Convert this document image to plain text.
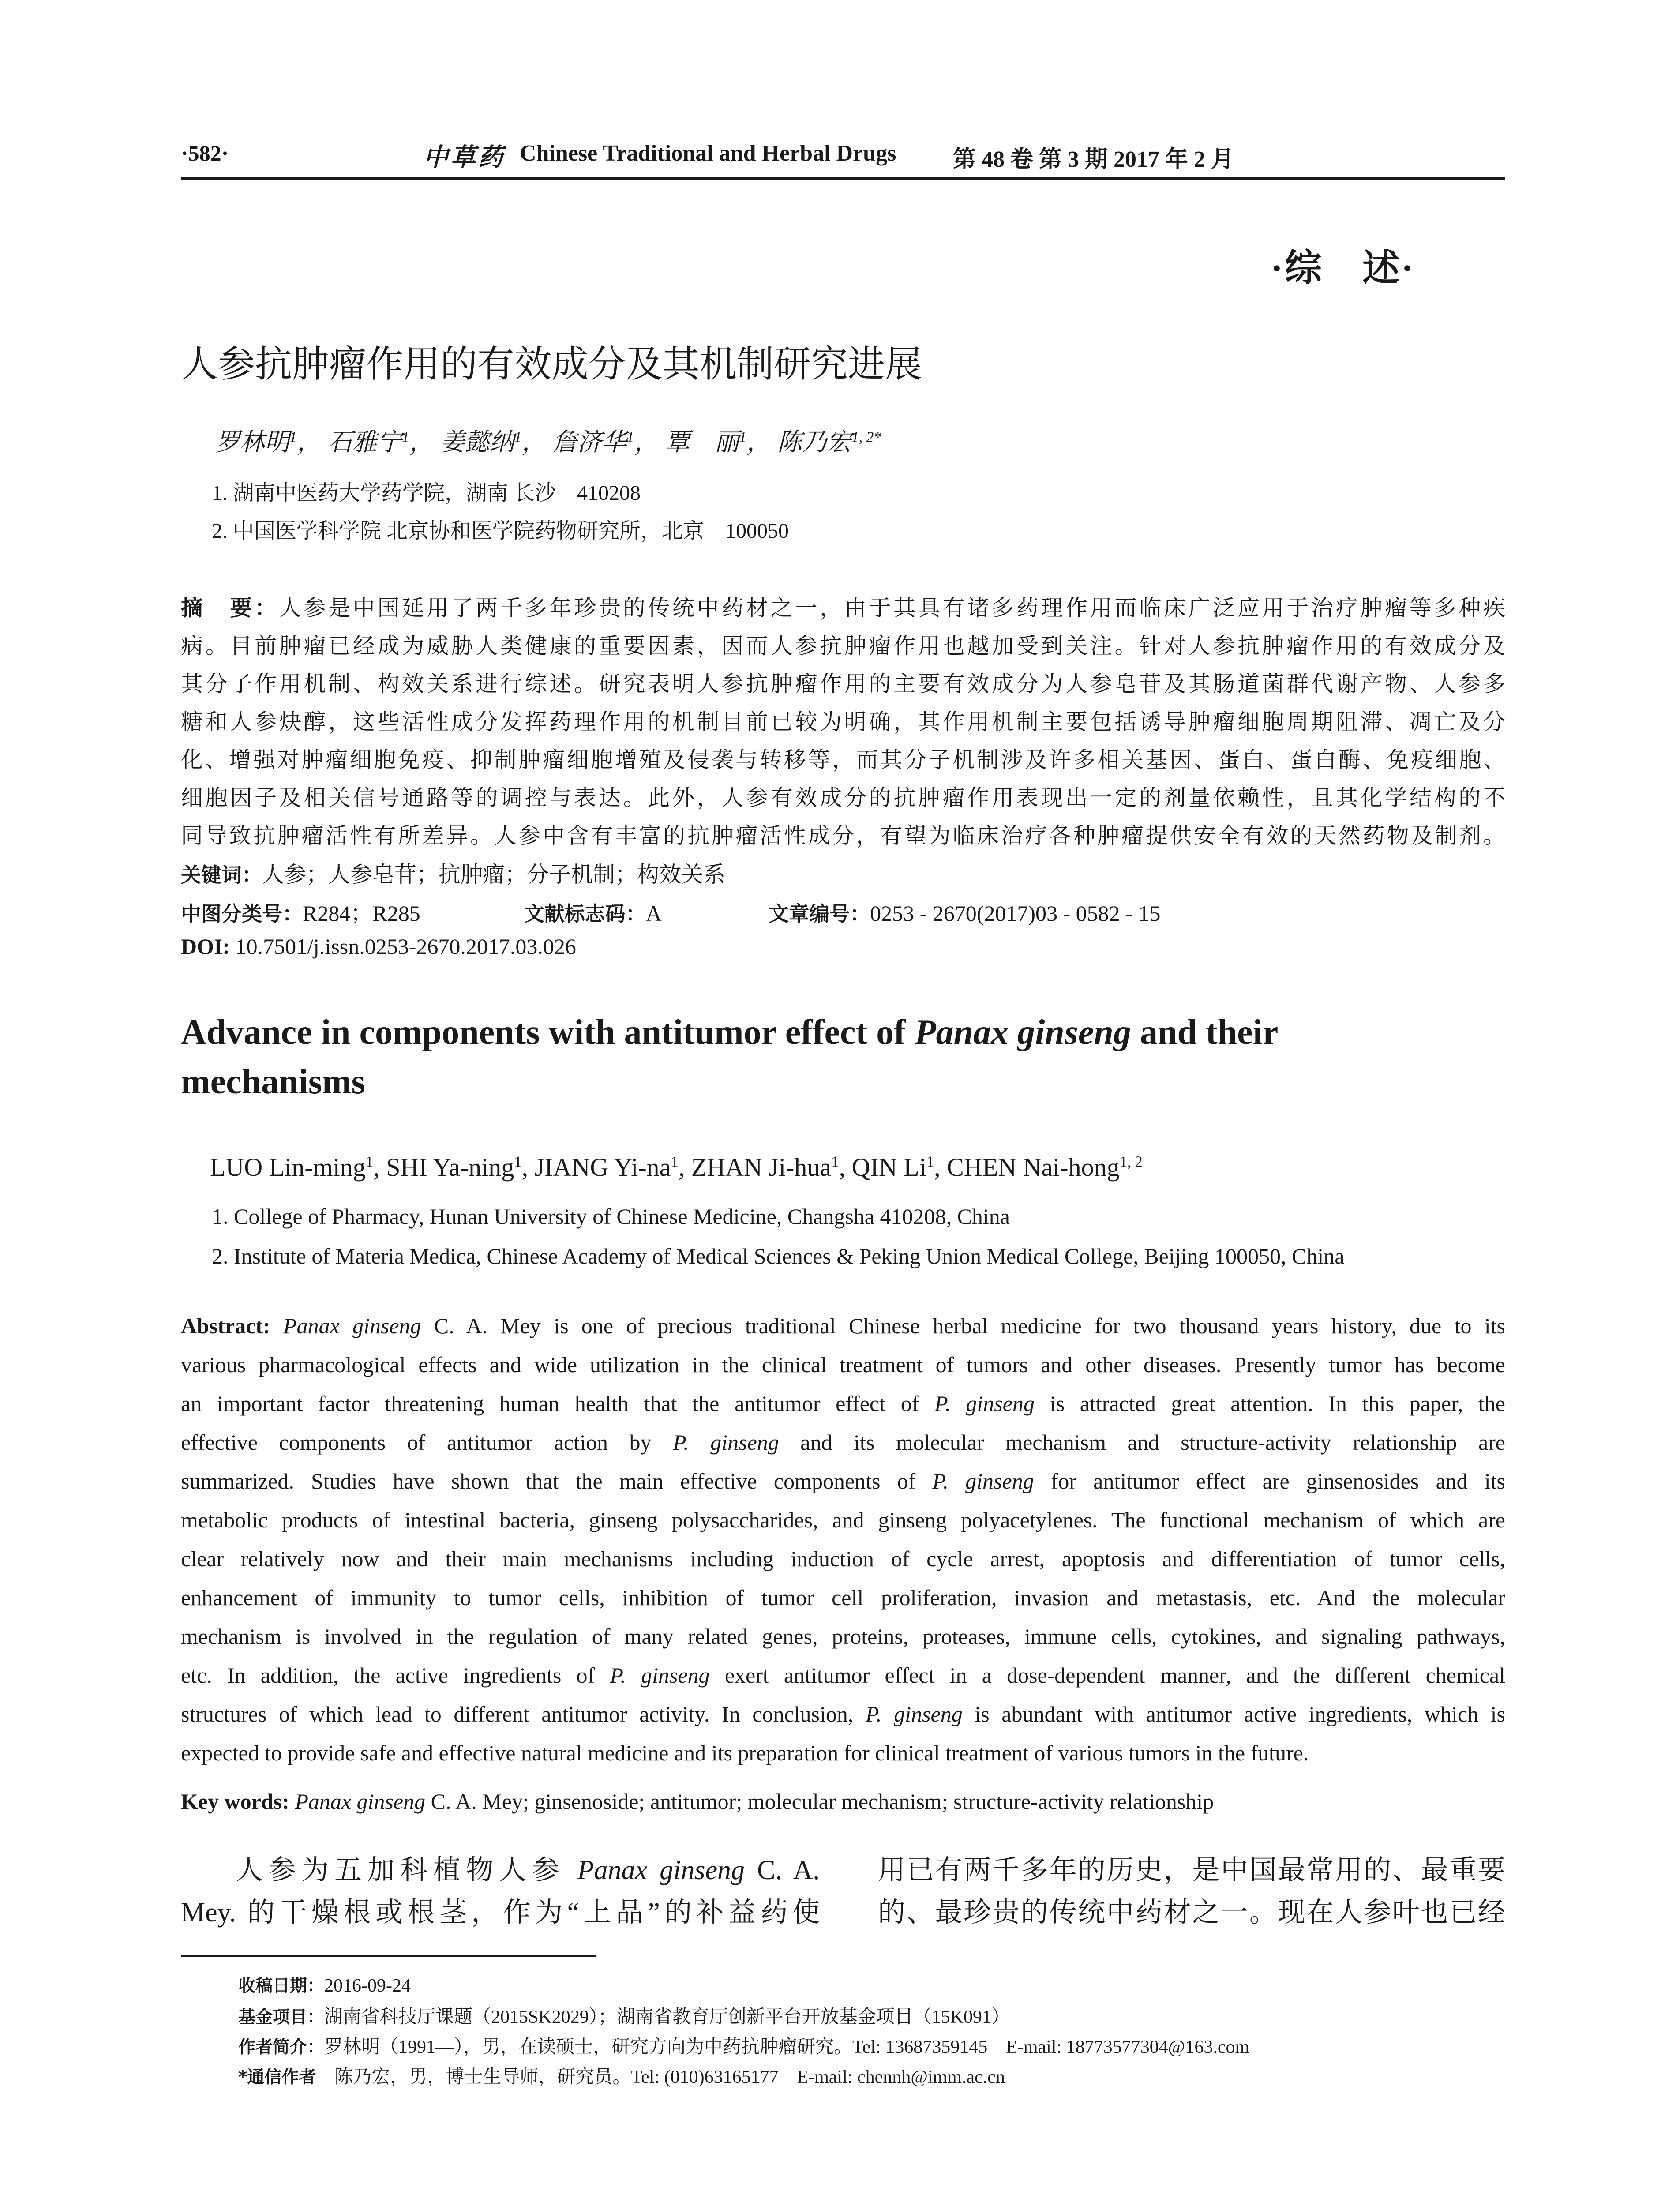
·582·	中草药 Chinese Traditional and Herbal Drugs 第 48 卷 第 3 期 2017 年 2 月
·综　述·
人参抗肿瘤作用的有效成分及其机制研究进展
罗林明$^1$， 石雅宁$^1$， 姜懿纳$^1$， 詹济华$^1$， 覃　丽$^1$， 陈乃宏$^{1, 2*}$
1. 湖南中医药大学药学院，湖南 长沙　410208
2. 中国医学科学院 北京协和医学院药物研究所，北京　100050
摘　要：人参是中国延用了两千多年珍贵的传统中药材之一，由于其具有诸多药理作用而临床广泛应用于治疗肿瘤等多种疾
病。目前肿瘤已经成为威胁人类健康的重要因素，因而人参抗肿瘤作用也越加受到关注。针对人参抗肿瘤作用的有效成分及
其分子作用机制、构效关系进行综述。研究表明人参抗肿瘤作用的主要有效成分为人参皂苷及其肠道菌群代谢产物、人参多
糖和人参炔醇，这些活性成分发挥药理作用的机制目前已较为明确，其作用机制主要包括诱导肿瘤细胞周期阻滞、凋亡及分
化、增强对肿瘤细胞免疫、抑制肿瘤细胞增殖及侵袭与转移等，而其分子机制涉及许多相关基因、蛋白、蛋白酶、免疫细胞、
细胞因子及相关信号通路等的调控与表达。此外，人参有效成分的抗肿瘤作用表现出一定的剂量依赖性，且其化学结构的不
同导致抗肿瘤活性有所差异。人参中含有丰富的抗肿瘤活性成分，有望为临床治疗各种肿瘤提供安全有效的天然药物及制剂。
关键词：人参；人参皂苷；抗肿瘤；分子机制；构效关系
中图分类号：R284；R285	文献标志码：A	文章编号：0253 - 2670(2017)03 - 0582 - 15
DOI: 10.7501/j.issn.0253-2670.2017.03.026
Advance in components with antitumor effect of Panax ginseng and their
mechanisms
LUO Lin-ming$^1$, SHI Ya-ning$^1$, JIANG $Yi-na^1$, ZHAN Ji-hua$^1$, QIN Li$^1$, CHEN Nai-hong$^{1, 2}$
1. College of Pharmacy, Hunan University of Chinese Medicine, Changsha 410208, China
2. Institute of Materia Medica, Chinese Academy of Medical Sciences & Peking Union Medical College, Beijing 100050, China
Abstract: Panax ginseng C. A. Mey is one of precious traditional Chinese herbal medicine for two thousand years history, due to its
various pharmacological effects and wide utilization in the clinical treatment of tumors and other diseases. Presently tumor has become
an important factor threatening human health that the antitumor effect of P. ginseng is attracted great attention. In this paper, the
effective components of antitumor action by P. ginseng and its molecular mechanism and structure-activity relationship are
summarized. Studies have shown that the main effective components of P. ginseng for antitumor effect are ginsenosides and its
metabolic products of intestinal bacteria, ginseng polysaccharides, and ginseng polyacetylenes. The functional mechanism of which are
clear relatively now and their main mechanisms including induction of cycle arrest, apoptosis and differentiation of tumor cells,
enhancement of immunity to tumor cells, inhibition of tumor cell proliferation, invasion and metastasis, etc. And the molecular
mechanism is involved in the regulation of many related genes, proteins, proteases, immune cells, cytokines, and signaling pathways,
etc. In addition, the active ingredients of P. ginseng exert antitumor effect in a dose-dependent manner, and the different chemical
structures of which lead to different antitumor activity. In conclusion, P. ginseng is abundant with antitumor active ingredients, which is
expected to provide safe and effective natural medicine and its preparation for clinical treatment of various tumors in the future.
Key words: Panax ginseng C. A. Mey; ginsenoside; antitumor; molecular mechanism; structure-activity relationship
人参为五加科植物人参 Panax ginseng C. A.
Mey. 的干燥根或根茎，作为“上品”的补益药使
用已有两千多年的历史，是中国最常用的、最重要
的、最珍贵的传统中药材之一。现在人参叶也已经
收稿日期：2016-09-24
基金项目：湖南省科技厅课题（2015SK2029）；湖南省教育厅创新平台开放基金项目（15K091）
作者简介：罗林明（1991—），男，在读硕士，研究方向为中药抗肿瘤研究。Tel: 13687359145　E-mail: 18773577304@163.com
*通信作者　陈乃宏，男，博士生导师，研究员。Tel: (010)63165177　E-mail: chennh@imm.ac.cn
